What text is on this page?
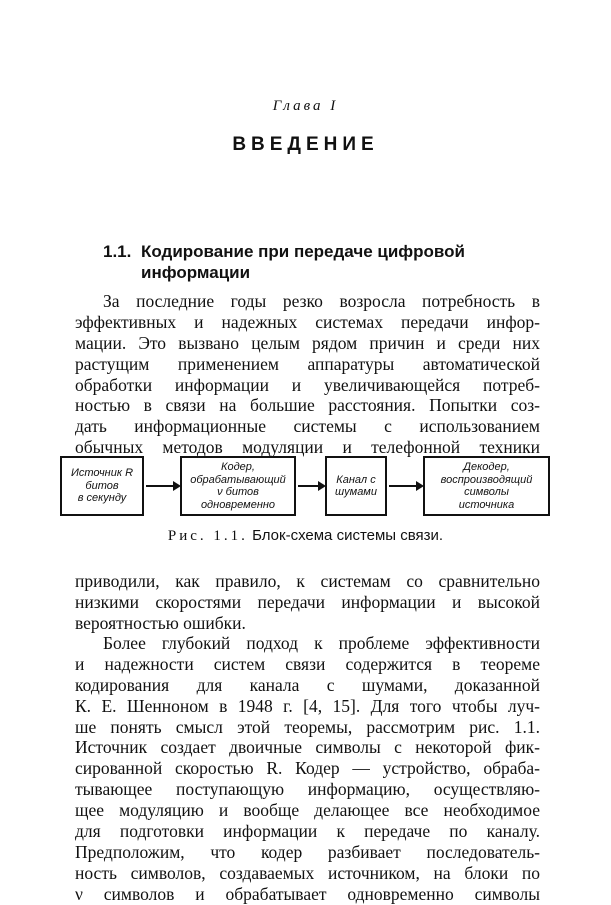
Глава I
ВВЕДЕНИЕ
1.1. Кодирование при передаче цифровой
информации
За последние годы резко возросла потребность в
эффективных и надежных системах передачи инфор-
мации. Это вызвано целым рядом причин и среди них
растущим применением аппаратуры автоматической
обработки информации и увеличивающейся потреб-
ностью в связи на большие расстояния. Попытки соз-
дать информационные системы с использованием
обычных методов модуляции и телефонной техники
Источник R
битов
в секунду
Кодер,
обрабатывающий
ν битов
одновременно
Канал с
шумами
Декодер,
воспроизводящий
символы
источника
Рис. 1.1. Блок-схема системы связи.
приводили, как правило, к системам со сравнительно
низкими скоростями передачи информации и высокой
вероятностью ошибки.
Более глубокий подход к проблеме эффективности
и надежности систем связи содержится в теореме
кодирования для канала с шумами, доказанной
К. Е. Шенноном в 1948 г. [4, 15]. Для того чтобы луч-
ше понять смысл этой теоремы, рассмотрим рис. 1.1.
Источник создает двоичные символы с некоторой фик-
сированной скоростью R. Кодер — устройство, обраба-
тывающее поступающую информацию, осуществляю-
щее модуляцию и вообще делающее все необходимое
для подготовки информации к передаче по каналу.
Предположим, что кодер разбивает последователь-
ность символов, создаваемых источником, на блоки по
ν символов и обрабатывает одновременно символы
